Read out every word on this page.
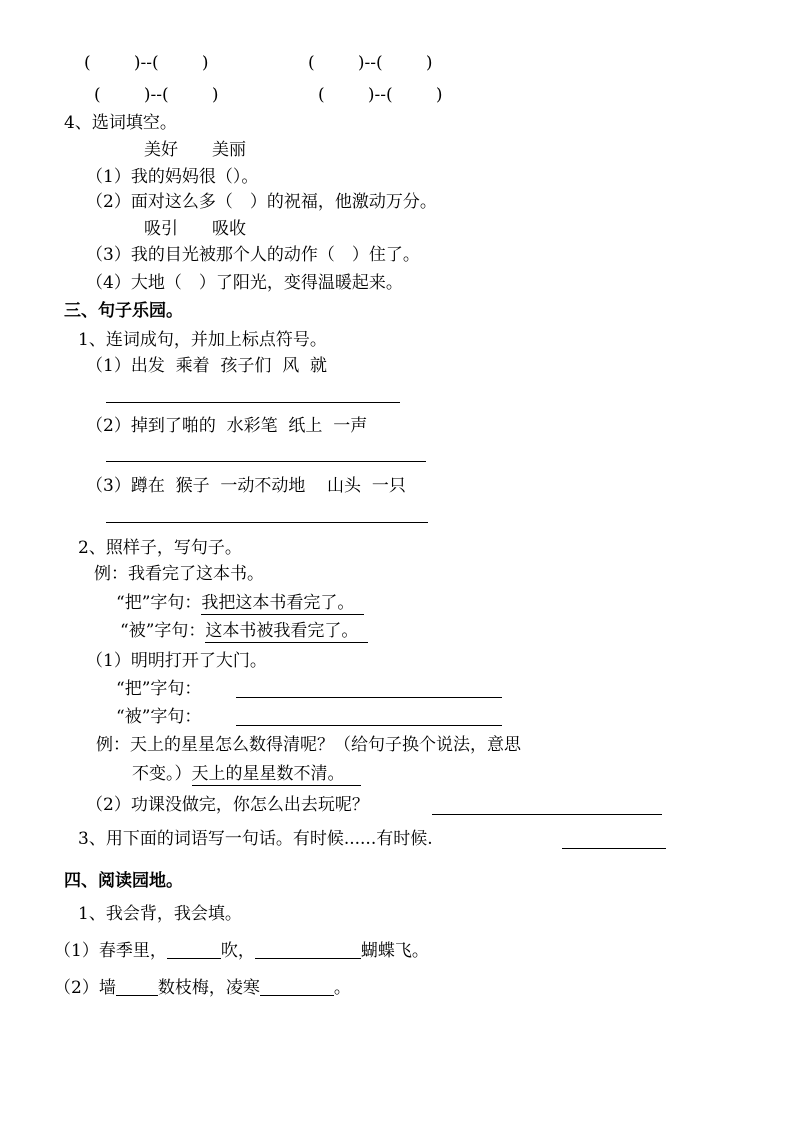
(        )--(        )	(        )--(        )
(        )--(        )	(        )--(        )
4、选词填空。
美好　　美丽
（1）我的妈妈很（）。
（2）面对这么多（　）的祝福，他激动万分。
吸引　　吸收
（3）我的目光被那个人的动作（　）住了。
（4）大地（　）了阳光，变得温暖起来。
三、句子乐园。
1、连词成句，并加上标点符号。
（1）出发  乘着  孩子们  风  就
（2）掉到了啪的  水彩笔  纸上  一声
（3）蹲在  猴子  一动不动地    山头  一只
2、照样子，写句子。
例：我看完了这本书。
“把”字句：我把这本书看完了。
“被”字句：这本书被我看完了。
（1）明明打开了大门。
“把”字句：
“被”字句：
例：天上的星星怎么数得清呢？（给句子换个说法，意思
不变。）天上的星星数不清。
（2）功课没做完，你怎么出去玩呢？
3、用下面的词语写一句话。有时候......有时候.
四、阅读园地。
1、我会背，我会填。
（1）春季里，	吹，	蝴蝶飞。
（2）墙 数枝梅，凌寒	。
